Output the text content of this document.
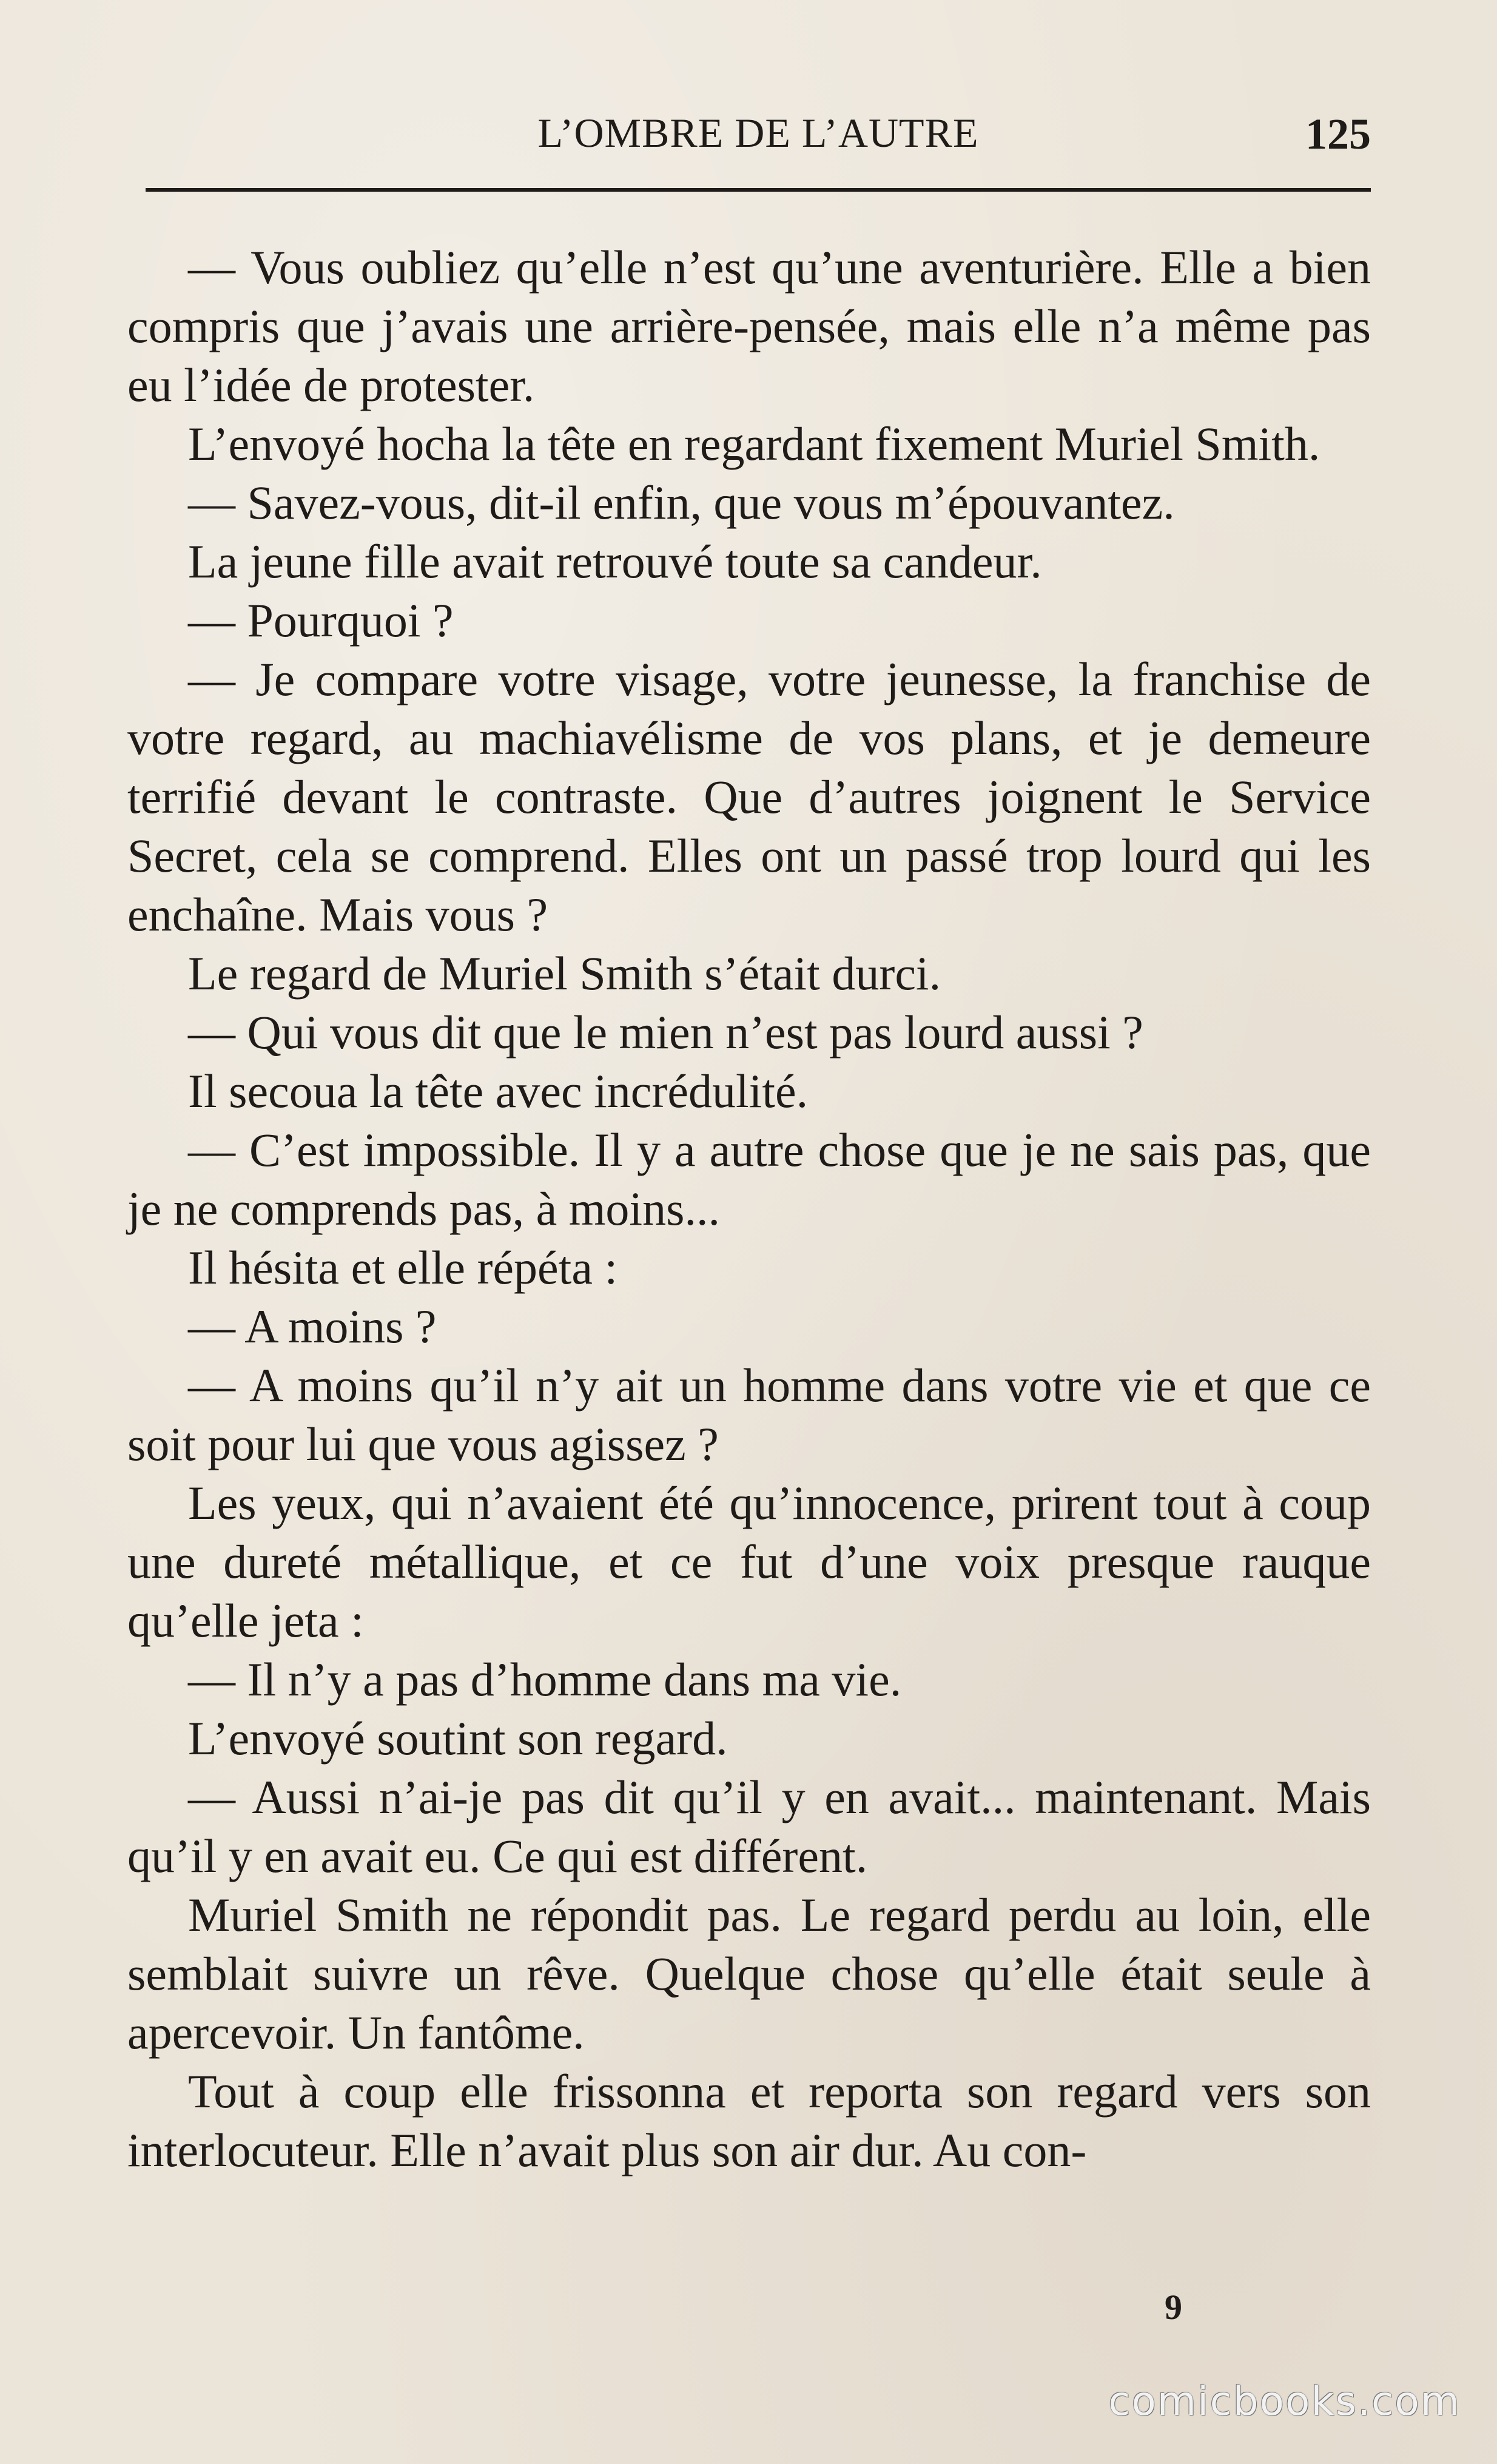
L’OMBRE DE L’AUTRE	125

— Vous oubliez qu’elle n’est qu’une aventurière. Elle a bien compris que j’avais une arrière-pensée, mais elle n’a même pas eu l’idée de protester.

L’envoyé hocha la tête en regardant fixement Muriel Smith.

— Savez-vous, dit-il enfin, que vous m’épouvantez.

La jeune fille avait retrouvé toute sa candeur.

— Pourquoi ?

— Je compare votre visage, votre jeunesse, la franchise de votre regard, au machiavélisme de vos plans, et je demeure terrifié devant le contraste. Que d’autres joignent le Service Secret, cela se comprend. Elles ont un passé trop lourd qui les enchaîne. Mais vous ?

Le regard de Muriel Smith s’était durci.

— Qui vous dit que le mien n’est pas lourd aussi ?

Il secoua la tête avec incrédulité.

— C’est impossible. Il y a autre chose que je ne sais pas, que je ne comprends pas, à moins...

Il hésita et elle répéta :

— A moins ?

— A moins qu’il n’y ait un homme dans votre vie et que ce soit pour lui que vous agissez ?

Les yeux, qui n’avaient été qu’innocence, prirent tout à coup une dureté métallique, et ce fut d’une voix presque rauque qu’elle jeta :

— Il n’y a pas d’homme dans ma vie.

L’envoyé soutint son regard.

— Aussi n’ai-je pas dit qu’il y en avait... maintenant. Mais qu’il y en avait eu. Ce qui est différent.

Muriel Smith ne répondit pas. Le regard perdu au loin, elle semblait suivre un rêve. Quelque chose qu’elle était seule à apercevoir. Un fantôme.

Tout à coup elle frissonna et reporta son regard vers son interlocuteur. Elle n’avait plus son air dur. Au con-

9
comicbooks.com
